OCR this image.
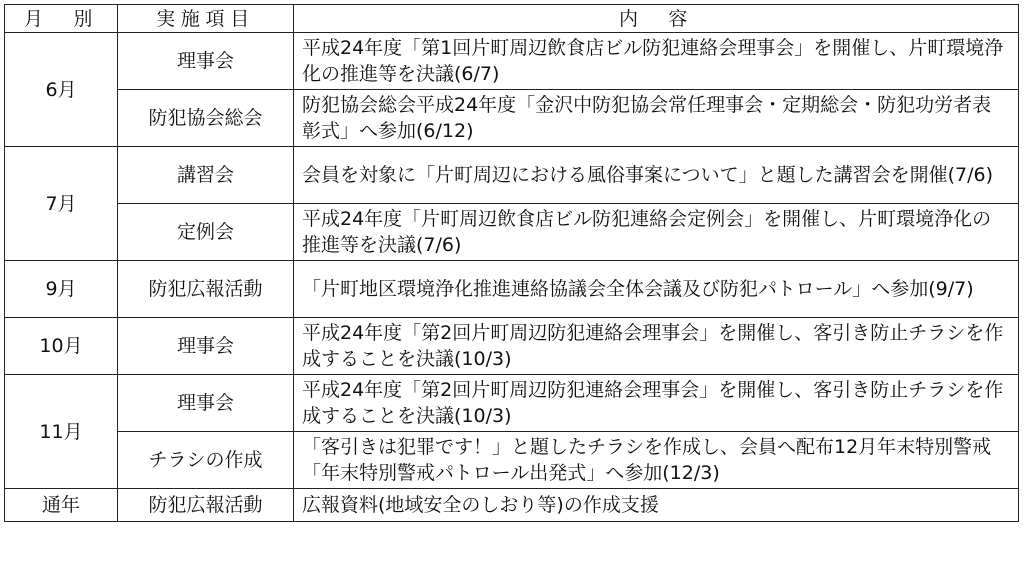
月　別	実施項目	内　容
6月	理事会	平成24年度「第1回片町周辺飲食店ビル防犯連絡会理事会」を開催し、片町環境浄化の推進等を決議(6/7)
	防犯協会総会	防犯協会総会平成24年度「金沢中防犯協会常任理事会・定期総会・防犯功労者表彰式」へ参加(6/12)
7月	講習会	会員を対象に「片町周辺における風俗事案について」と題した講習会を開催(7/6)
	定例会	平成24年度「片町周辺飲食店ビル防犯連絡会定例会」を開催し、片町環境浄化の推進等を決議(7/6)
9月	防犯広報活動	「片町地区環境浄化推進連絡協議会全体会議及び防犯パトロール」へ参加(9/7)
10月	理事会	平成24年度「第2回片町周辺防犯連絡会理事会」を開催し、客引き防止チラシを作成することを決議(10/3)
11月	理事会	平成24年度「第2回片町周辺防犯連絡会理事会」を開催し、客引き防止チラシを作成することを決議(10/3)
	チラシの作成	「客引きは犯罪です！」と題したチラシを作成し、会員へ配布12月年末特別警戒「年末特別警戒パトロール出発式」へ参加(12/3)
通年	防犯広報活動	広報資料(地域安全のしおり等)の作成支援
